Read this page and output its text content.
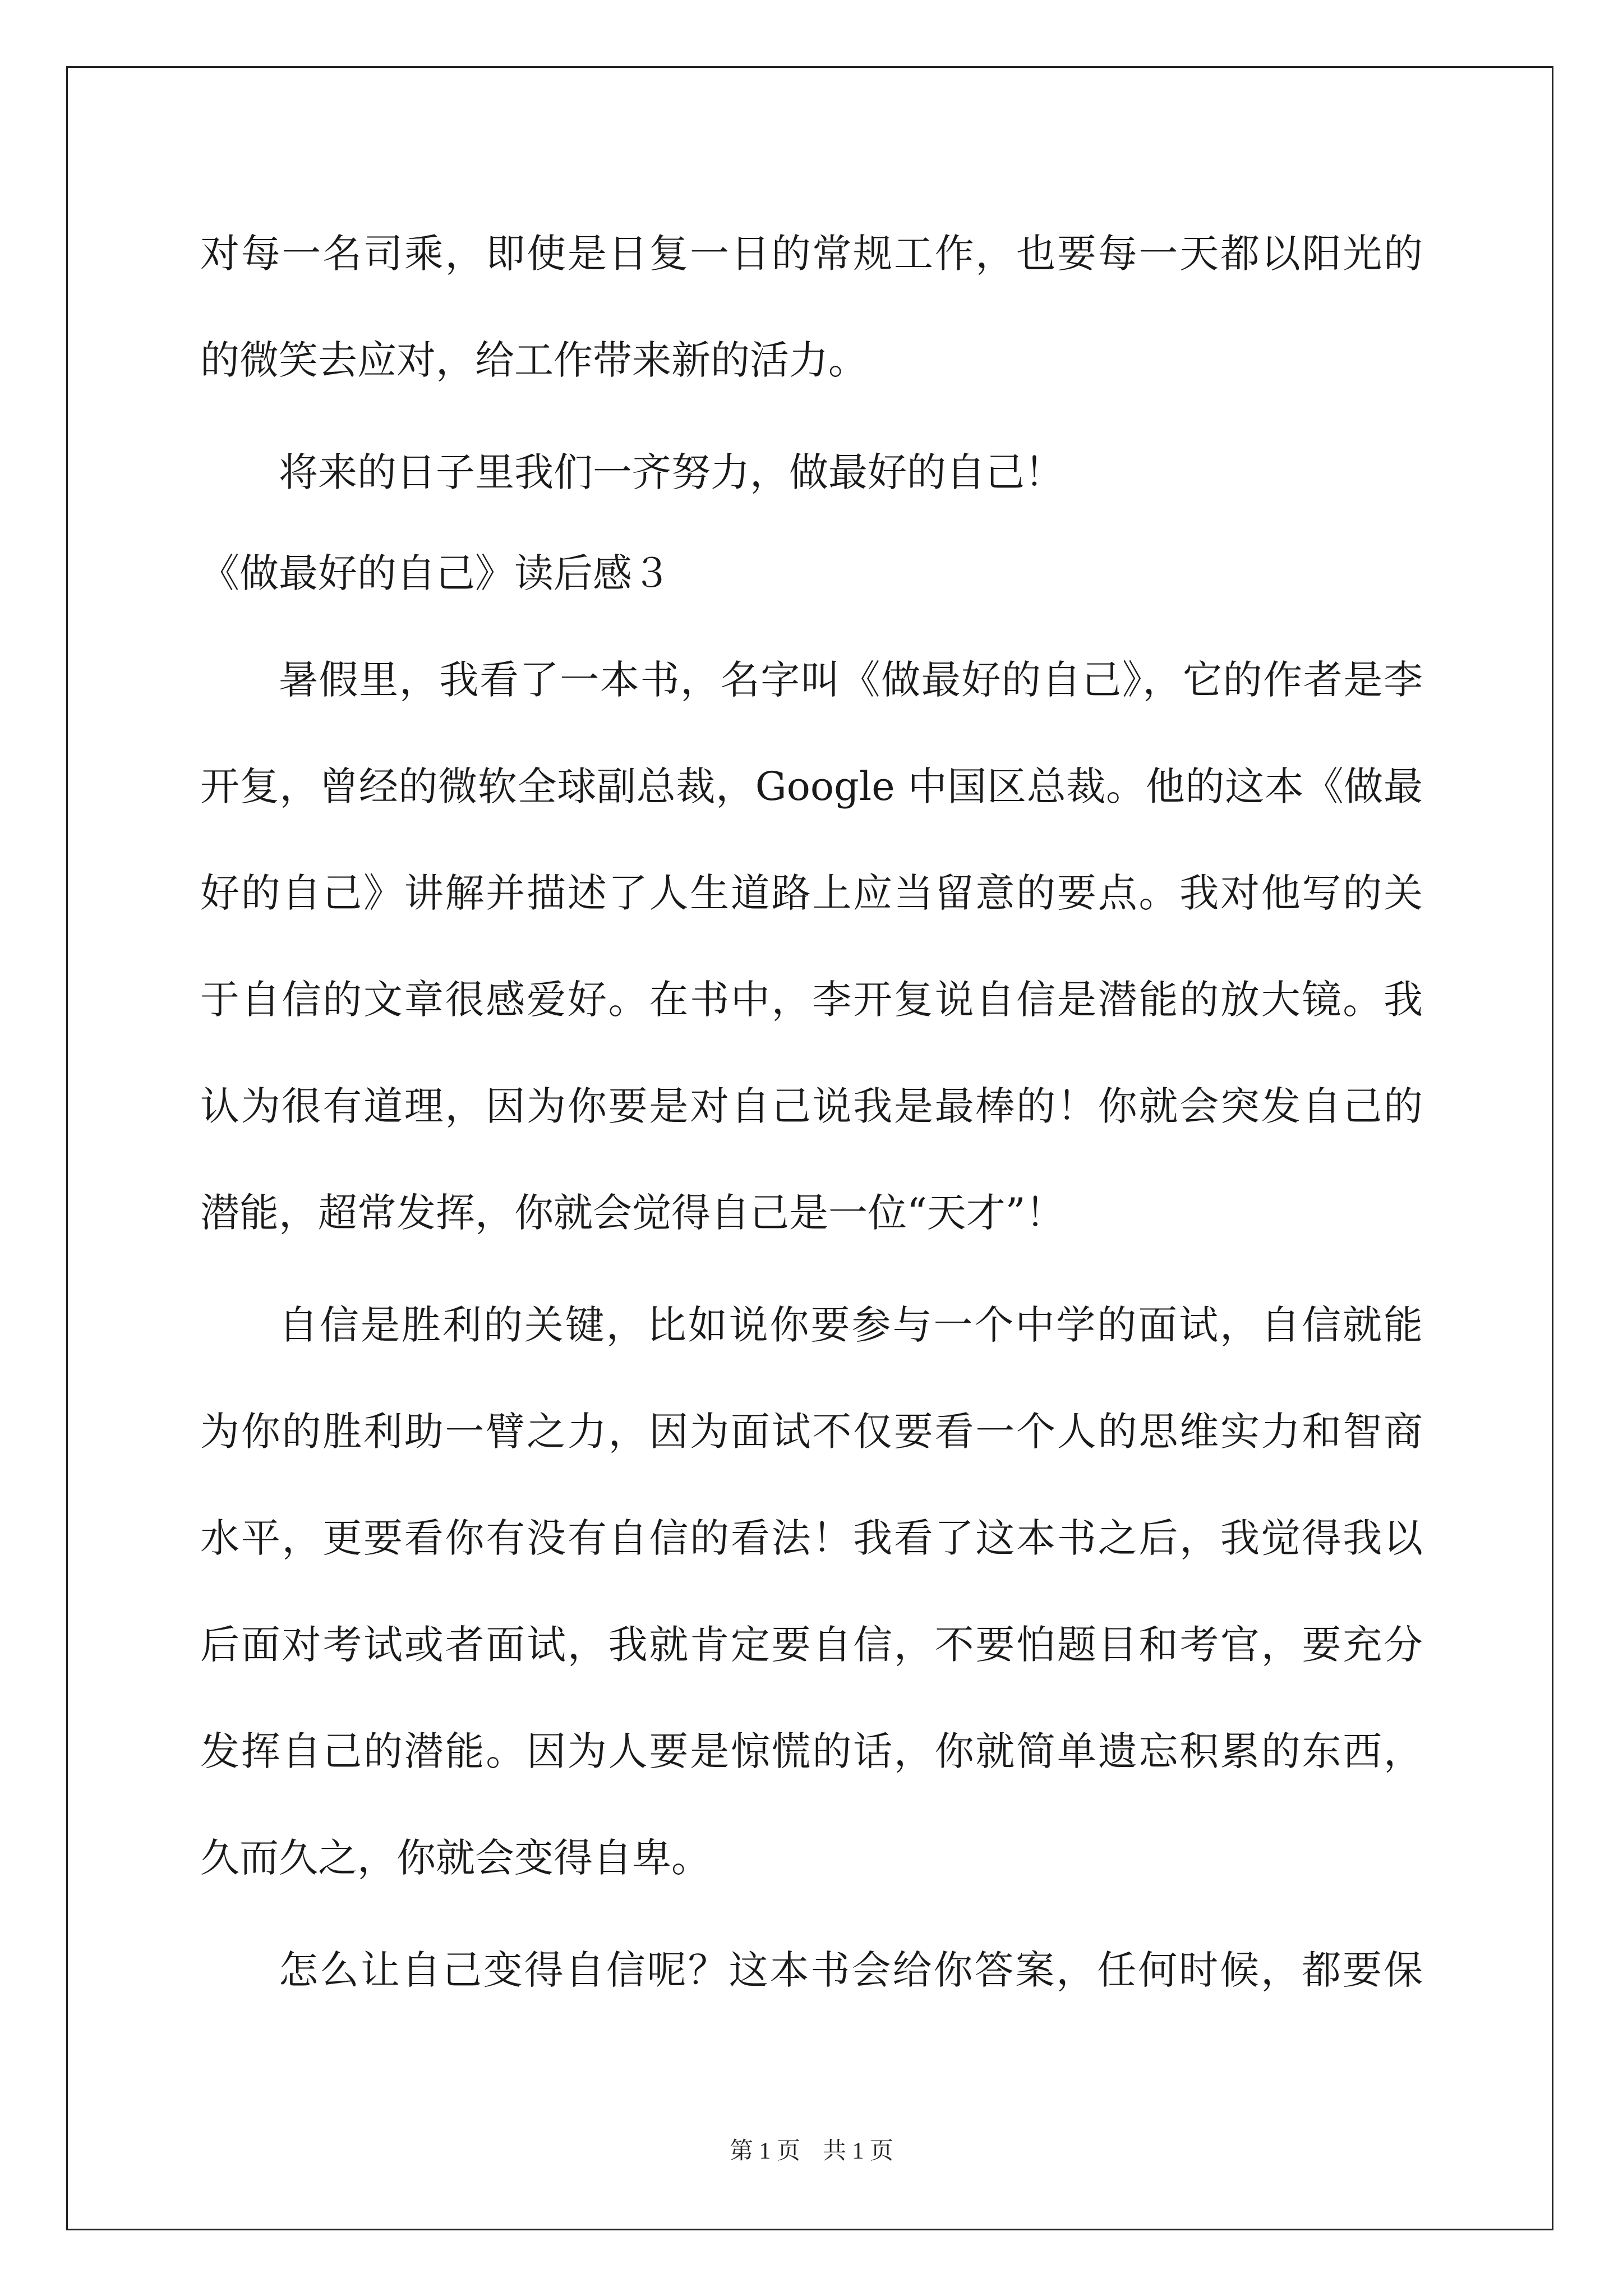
对每一名司乘，即使是日复一日的常规工作，也要每一天都以阳光的
的微笑去应对，给工作带来新的活力。
将来的日子里我们一齐努力，做最好的自己！
《做最好的自己》读后感３
暑假里，我看了一本书，名字叫《做最好的自己》，它的作者是李
开复，曾经的微软全球副总裁，Google 中国区总裁。他的这本《做最
好的自己》讲解并描述了人生道路上应当留意的要点。我对他写的关
于自信的文章很感爱好。在书中，李开复说自信是潜能的放大镜。我
认为很有道理，因为你要是对自己说我是最棒的！你就会突发自己的
潜能，超常发挥，你就会觉得自己是一位“天才”！
自信是胜利的关键，比如说你要参与一个中学的面试，自信就能
为你的胜利助一臂之力，因为面试不仅要看一个人的思维实力和智商
水平，更要看你有没有自信的看法！我看了这本书之后，我觉得我以
后面对考试或者面试，我就肯定要自信，不要怕题目和考官，要充分
发挥自己的潜能。因为人要是惊慌的话，你就简单遗忘积累的东西，
久而久之，你就会变得自卑。
怎么让自己变得自信呢？这本书会给你答案，任何时候，都要保
第 1 页 共 1 页
